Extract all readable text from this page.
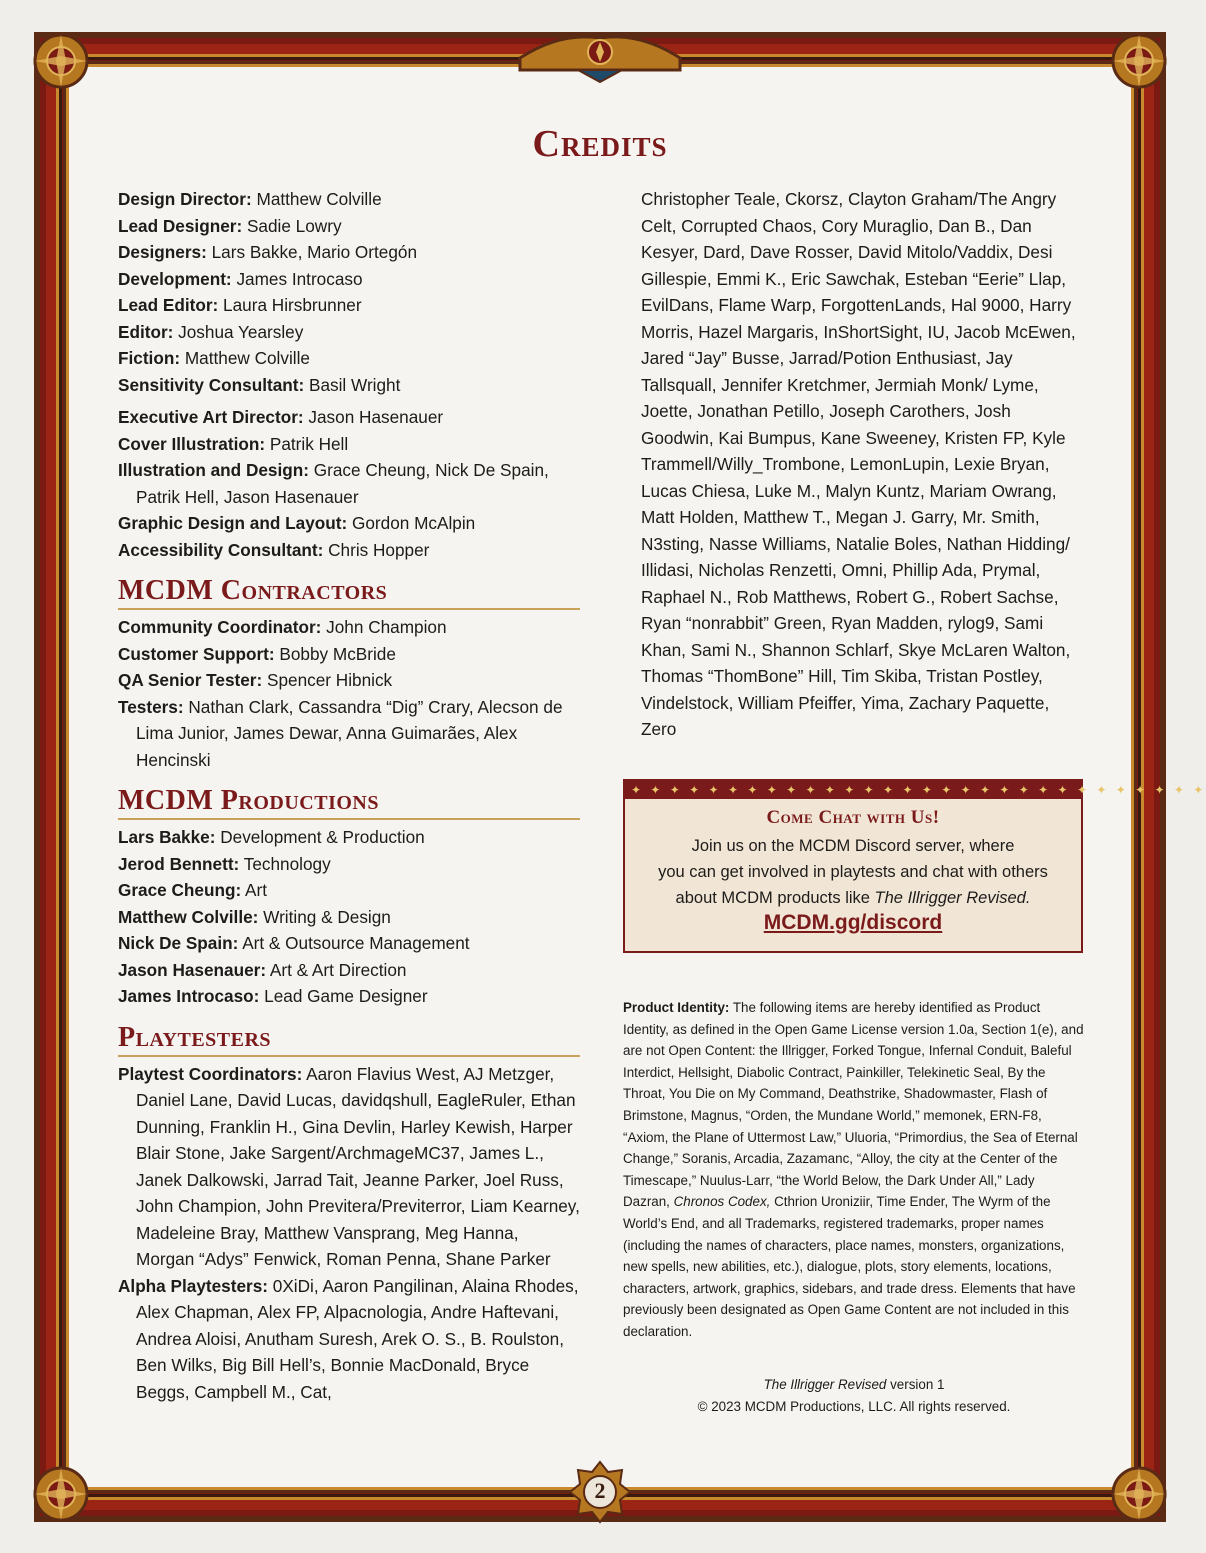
2
Credits

Design Director: Matthew Colville

Lead Designer: Sadie Lowry

Designers: Lars Bakke, Mario Ortegón

Development: James Introcaso

Lead Editor: Laura Hirsbrunner

Editor: Joshua Yearsley

Fiction: Matthew Colville

Sensitivity Consultant: Basil Wright

Executive Art Director: Jason Hasenauer

Cover Illustration: Patrik Hell

Illustration and Design: Grace Cheung, Nick De Spain, Patrik Hell, Jason Hasenauer

Graphic Design and Layout: Gordon McAlpin

Accessibility Consultant: Chris Hopper

MCDM Contractors

Community Coordinator: John Champion

Customer Support: Bobby McBride

QA Senior Tester: Spencer Hibnick

Testers: Nathan Clark, Cassandra “Dig” Crary, Alecson de Lima Junior, James Dewar, Anna Guimarães, Alex Hencinski

MCDM Productions

Lars Bakke: Development & Production

Jerod Bennett: Technology

Grace Cheung: Art

Matthew Colville: Writing & Design

Nick De Spain: Art & Outsource Management

Jason Hasenauer: Art & Art Direction

James Introcaso: Lead Game Designer

Playtesters

Playtest Coordinators: Aaron Flavius West, AJ Metzger, Daniel Lane, David Lucas, davidqshull, EagleRuler, Ethan Dunning, Franklin H., Gina Devlin, Harley Kewish, Harper Blair Stone, Jake Sargent/ArchmageMC37, James L., Janek Dalkowski, Jarrad Tait, Jeanne Parker, Joel Russ, John Champion, John Previtera/Previterror, Liam Kearney, Madeleine Bray, Matthew Vansprang, Meg Hanna, Morgan “Adys” Fenwick, Roman Penna, Shane Parker

Alpha Playtesters: 0XiDi, Aaron Pangilinan, Alaina Rhodes, Alex Chapman, Alex FP, Alpacnologia, Andre Haftevani, Andrea Aloisi, Anutham Suresh, Arek O. S., B. Roulston, Ben Wilks, Big Bill Hell’s, Bonnie MacDonald, Bryce Beggs, Campbell M., Cat,

Christopher Teale, Ckorsz, Clayton Graham/The Angry Celt, Corrupted Chaos, Cory Muraglio, Dan B., Dan Kesyer, Dard, Dave Rosser, David Mitolo/Vaddix, Desi Gillespie, Emmi K., Eric Sawchak, Esteban “Eerie” Llap, EvilDans, Flame Warp, ForgottenLands, Hal 9000, Harry Morris, Hazel Margaris, InShortSight, IU, Jacob McEwen, Jared “Jay” Busse, Jarrad/Potion Enthusiast, Jay Tallsquall, Jennifer Kretchmer, Jermiah Monk/ Lyme, Joette, Jonathan Petillo, Joseph Carothers, Josh Goodwin, Kai Bumpus, Kane Sweeney, Kristen FP, Kyle Trammell/Willy_Trombone, LemonLupin, Lexie Bryan, Lucas Chiesa, Luke M., Malyn Kuntz, Mariam Owrang, Matt Holden, Matthew T., Megan J. Garry, Mr. Smith, N3sting, Nasse Williams, Natalie Boles, Nathan Hidding/ Illidasi, Nicholas Renzetti, Omni, Phillip Ada, Prymal, Raphael N., Rob Matthews, Robert G., Robert Sachse, Ryan “nonrabbit” Green, Ryan Madden, rylog9, Sami Khan, Sami N., Shannon Schlarf, Skye McLaren Walton, Thomas “ThomBone” Hill, Tim Skiba, Tristan Postley, Vindelstock, William Pfeiffer, Yima, Zachary Paquette, Zero

✦ ✦ ✦ ✦ ✦ ✦ ✦ ✦ ✦ ✦ ✦ ✦ ✦ ✦ ✦ ✦ ✦ ✦ ✦ ✦ ✦ ✦ ✦ ✦ ✦ ✦ ✦ ✦ ✦ ✦
Come Chat with Us!
Join us on the MCDM Discord server, where
you can get involved in playtests and chat with others
about MCDM products like The Illrigger Revised.
MCDM.gg/discord
Product Identity: The following items are hereby identified as Product Identity, as defined in the Open Game License version 1.0a, Section 1(e), and are not Open Content: the Illrigger, Forked Tongue, Infernal Conduit, Baleful Interdict, Hellsight, Diabolic Contract, Painkiller, Telekinetic Seal, By the Throat, You Die on My Command, Deathstrike, Shadowmaster, Flash of Brimstone, Magnus, “Orden, the Mundane World,” memonek, ERN-F8, “Axiom, the Plane of Uttermost Law,” Uluoria, “Primordius, the Sea of Eternal Change,” Soranis, Arcadia, Zazamanc, “Alloy, the city at the Center of the Timescape,” Nuulus-Larr, “the World Below, the Dark Under All,” Lady Dazran, Chronos Codex, Cthrion Uroniziir, Time Ender, The Wyrm of the World’s End, and all Trademarks, registered trademarks, proper names (including the names of characters, place names, monsters, organizations, new spells, new abilities, etc.), dialogue, plots, story elements, locations, characters, artwork, graphics, sidebars, and trade dress. Elements that have previously been designated as Open Game Content are not included in this declaration.
The Illrigger Revised version 1
© 2023 MCDM Productions, LLC. All rights reserved.
